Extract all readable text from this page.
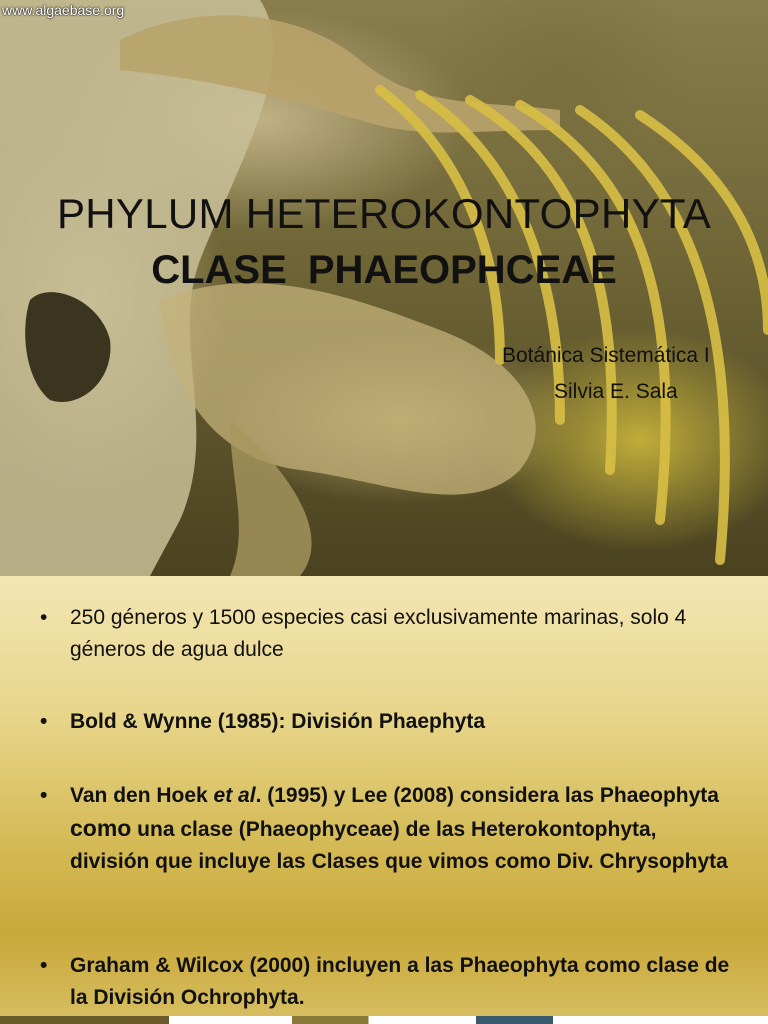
www.algaebase.org
PHYLUM HETEROKONTOPHYTA
CLASE PHAEOPHCEAE
Botánica Sistemática I
Silvia E. Sala
• 250 géneros y 1500 especies casi exclusivamente marinas, solo 4 géneros de agua dulce
• Bold & Wynne (1985): División Phaephyta
• Van den Hoek et al. (1995) y Lee (2008) considera las Phaeophyta como una clase (Phaeophyceae) de las Heterokontophyta, división que incluye las Clases que vimos como Div. Chrysophyta
• Graham & Wilcox (2000) incluyen a las Phaeophyta como clase de la División Ochrophyta.
